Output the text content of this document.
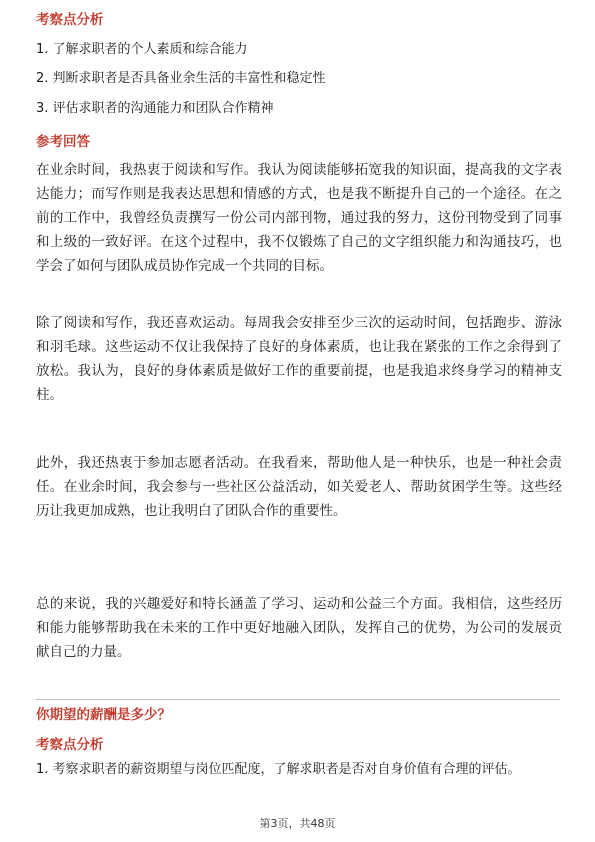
考察点分析
1. 了解求职者的个人素质和综合能力
2. 判断求职者是否具备业余生活的丰富性和稳定性
3. 评估求职者的沟通能力和团队合作精神
参考回答
在业余时间，我热衷于阅读和写作。我认为阅读能够拓宽我的知识面，提高我的文字表达能力；而写作则是我表达思想和情感的方式，也是我不断提升自己的一个途径。在之前的工作中，我曾经负责撰写一份公司内部刊物，通过我的努力，这份刊物受到了同事和上级的一致好评。在这个过程中，我不仅锻炼了自己的文字组织能力和沟通技巧，也学会了如何与团队成员协作完成一个共同的目标。
除了阅读和写作，我还喜欢运动。每周我会安排至少三次的运动时间，包括跑步、游泳和羽毛球。这些运动不仅让我保持了良好的身体素质，也让我在紧张的工作之余得到了放松。我认为，良好的身体素质是做好工作的重要前提，也是我追求终身学习的精神支柱。
此外，我还热衷于参加志愿者活动。在我看来，帮助他人是一种快乐，也是一种社会责任。在业余时间，我会参与一些社区公益活动，如关爱老人、帮助贫困学生等。这些经历让我更加成熟，也让我明白了团队合作的重要性。
总的来说，我的兴趣爱好和特长涵盖了学习、运动和公益三个方面。我相信，这些经历和能力能够帮助我在未来的工作中更好地融入团队，发挥自己的优势，为公司的发展贡献自己的力量。
你期望的薪酬是多少？
考察点分析
1. 考察求职者的薪资期望与岗位匹配度，了解求职者是否对自身价值有合理的评估。
第3页，共48页
